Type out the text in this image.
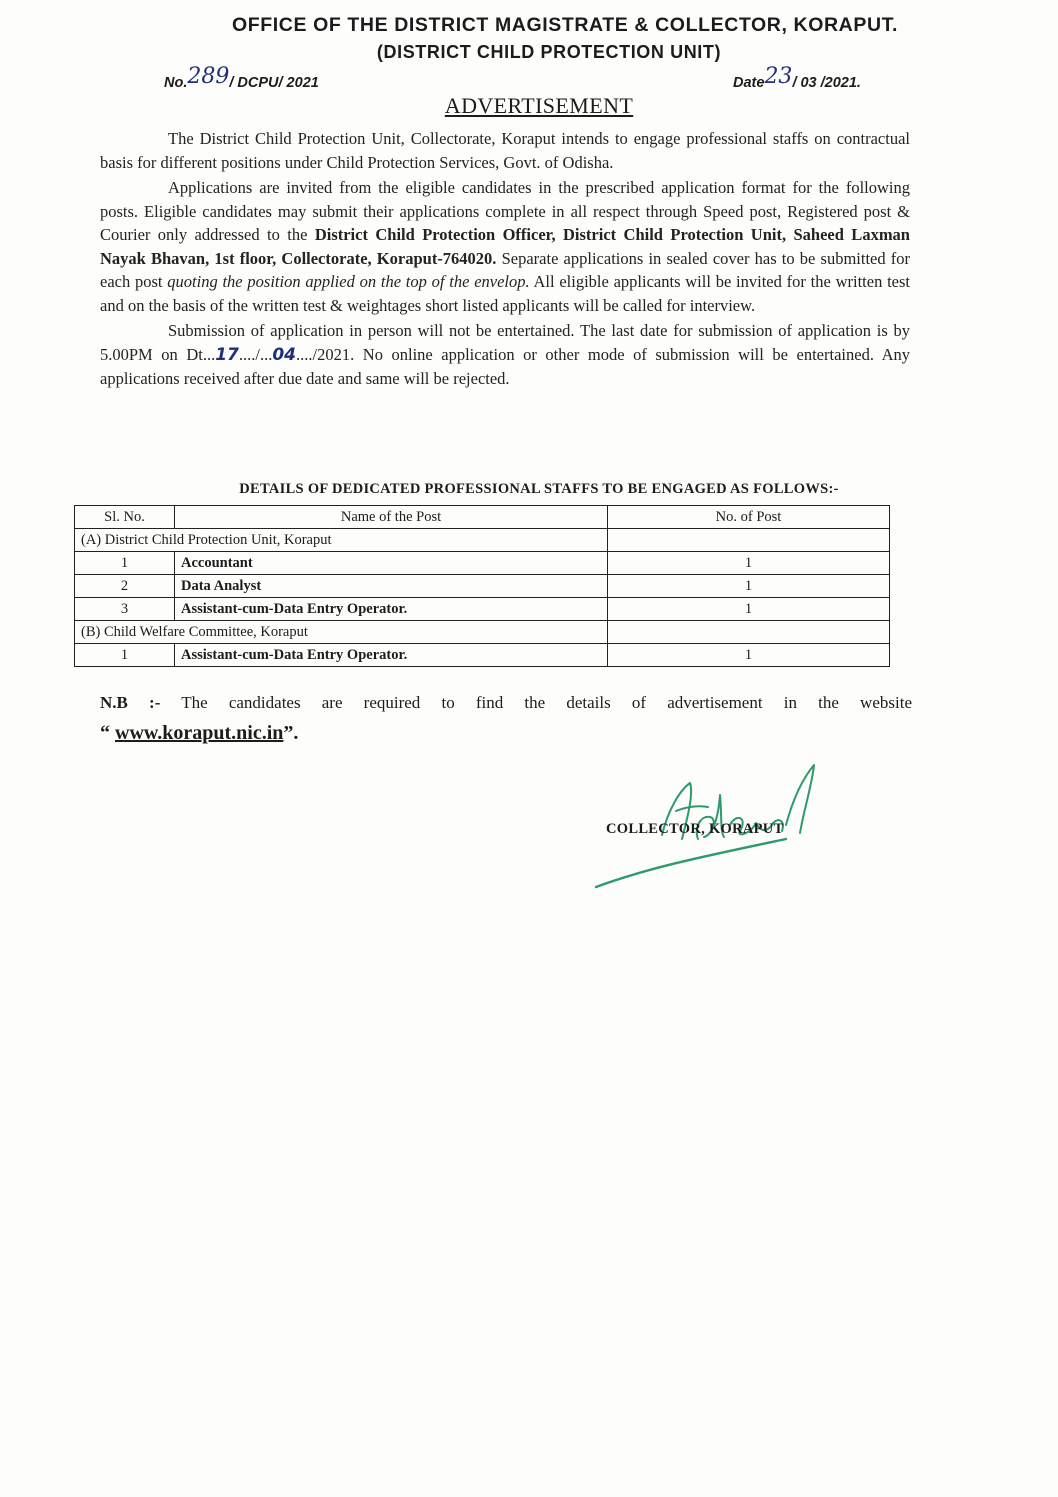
OFFICE OF THE DISTRICT MAGISTRATE & COLLECTOR, KORAPUT.
(DISTRICT CHILD PROTECTION UNIT)
No.289/ DCPU/ 2021	Date23/ 03 /2021.
ADVERTISEMENT

The District Child Protection Unit, Collectorate, Koraput intends to engage professional staffs on contractual basis for different positions under Child Protection Services, Govt. of Odisha.

Applications are invited from the eligible candidates in the prescribed application format for the following posts. Eligible candidates may submit their applications complete in all respect through Speed post, Registered post & Courier only addressed to the District Child Protection Officer, District Child Protection Unit, Saheed Laxman Nayak Bhavan, 1st floor, Collectorate, Koraput-764020. Separate applications in sealed cover has to be submitted for each post quoting the position applied on the top of the envelop. All eligible applicants will be invited for the written test and on the basis of the written test & weightages short listed applicants will be called for interview.

Submission of application in person will not be entertained. The last date for submission of application is by 5.00PM on Dt...17..../...04..../2021. No online application or other mode of submission will be entertained. Any applications received after due date and same will be rejected.

DETAILS OF DEDICATED PROFESSIONAL STAFFS TO BE ENGAGED AS FOLLOWS:-
Sl. No.	Name of the Post	No. of Post
(A) District Child Protection Unit, Koraput		
1	Accountant	1
2	Data Analyst	1
3	Assistant-cum-Data Entry Operator.	1
(B) Child Welfare Committee, Koraput		
1	Assistant-cum-Data Entry Operator.	1
N.B :- The candidates are required to find the details of advertisement in the website
“ www.koraput.nic.in”.
COLLECTOR, KORAPUT
